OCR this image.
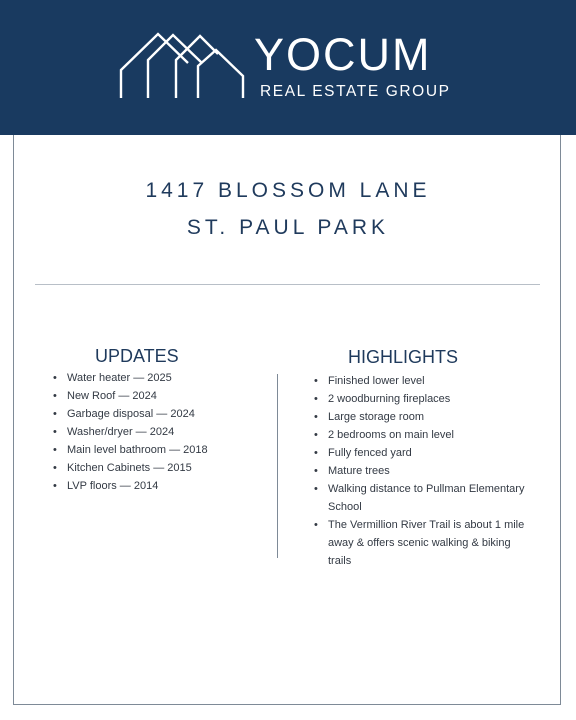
YOCUM
REAL ESTATE GROUP
1417 BLOSSOM LANE
ST. PAUL PARK
UPDATES
• Water heater — 2025
• New Roof — 2024
• Garbage disposal — 2024
• Washer/dryer — 2024
• Main level bathroom — 2018
• Kitchen Cabinets — 2015
• LVP floors — 2014
HIGHLIGHTS
• Finished lower level
• 2 woodburning fireplaces
• Large storage room
• 2 bedrooms on main level
• Fully fenced yard
• Mature trees
• Walking distance to Pullman Elementary School
• The Vermillion River Trail is about 1 mile away & offers scenic walking & biking trails
